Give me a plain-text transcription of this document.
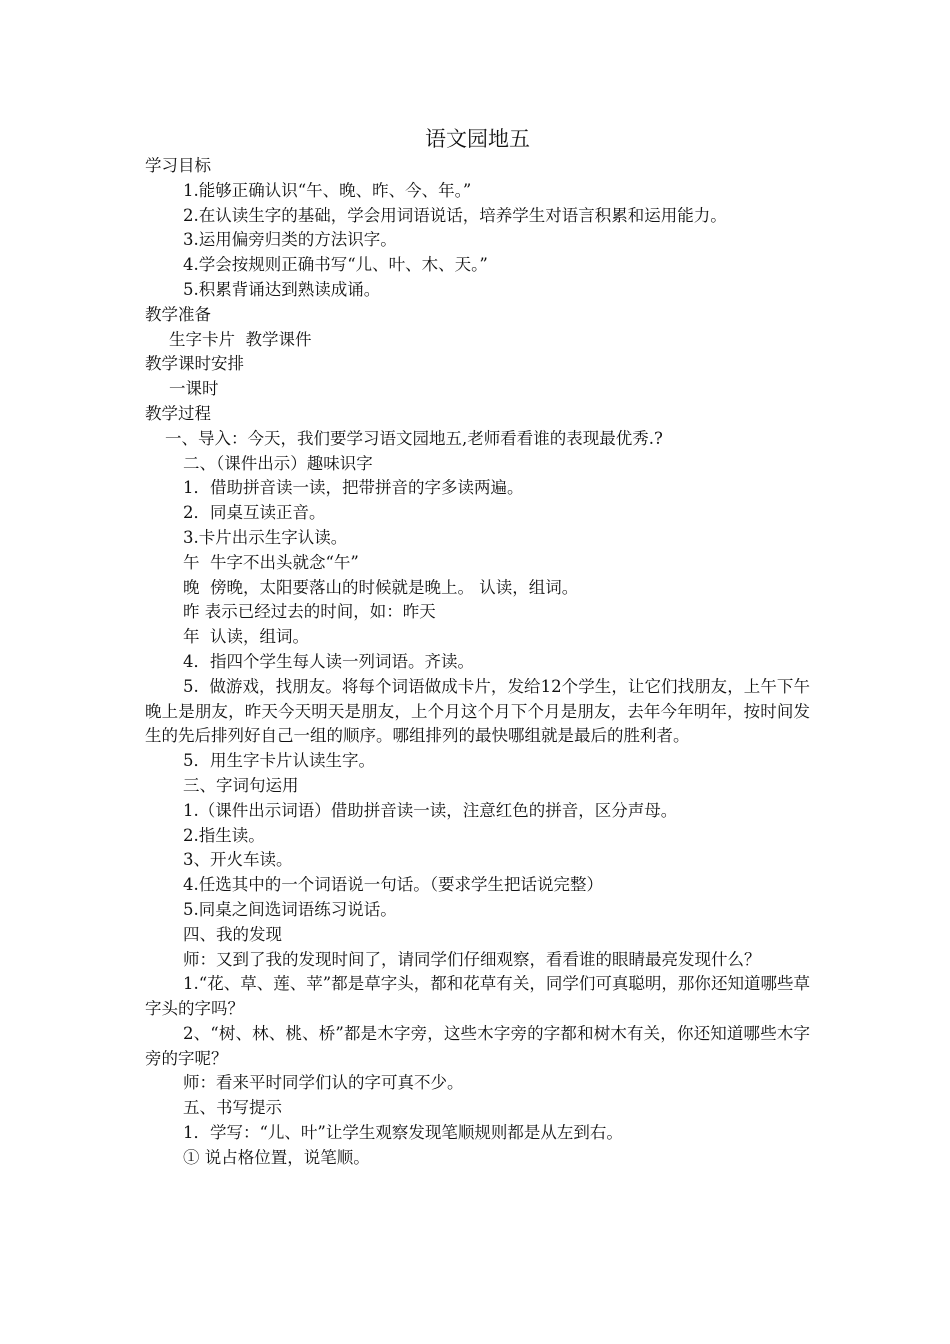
语文园地五
学习目标
1.能够正确认识“午、晚、昨、今、年。”
2.在认读生字的基础，学会用词语说话，培养学生对语言积累和运用能力。
3.运用偏旁归类的方法识字。
4.学会按规则正确书写“儿、叶、木、天。”
5.积累背诵达到熟读成诵。
教学准备
生字卡片  教学课件
教学课时安排
一课时
教学过程
一、导入：今天，我们要学习语文园地五,老师看看谁的表现最优秀.?
二、（课件出示）趣味识字
1．借助拼音读一读，把带拼音的字多读两遍。
2．同桌互读正音。
3.卡片出示生字认读。
午  牛字不出头就念“午”
晚  傍晚，太阳要落山的时候就是晚上。 认读，组词。
昨 表示已经过去的时间，如：昨天
年  认读，组词。
4．指四个学生每人读一列词语。齐读。
5.  做游戏，找朋友。将每个词语做成卡片，发给12个学生，让它们找朋友，上午下午晚上是朋友，昨天今天明天是朋友，上个月这个月下个月是朋友，去年今年明年，按时间发生的先后排列好自己一组的顺序。哪组排列的最快哪组就是最后的胜利者。
5．用生字卡片认读生字。
三、字词句运用
1.（课件出示词语）借助拼音读一读，注意红色的拼音，区分声母。
2.指生读。
3、开火车读。
4.任选其中的一个词语说一句话。（要求学生把话说完整）
5.同桌之间选词语练习说话。
四、我的发现
师：又到了我的发现时间了，请同学们仔细观察，看看谁的眼睛最亮发现什么？
1.“花、草、莲、苹”都是草字头，都和花草有关，同学们可真聪明，那你还知道哪些草字头的字吗？
2、“树、林、桃、桥”都是木字旁，这些木字旁的字都和树木有关，你还知道哪些木字旁的字呢？
师：看来平时同学们认的字可真不少。
五、书写提示
1．学写：“儿、叶”让学生观察发现笔顺规则都是从左到右。
① 说占格位置，说笔顺。
